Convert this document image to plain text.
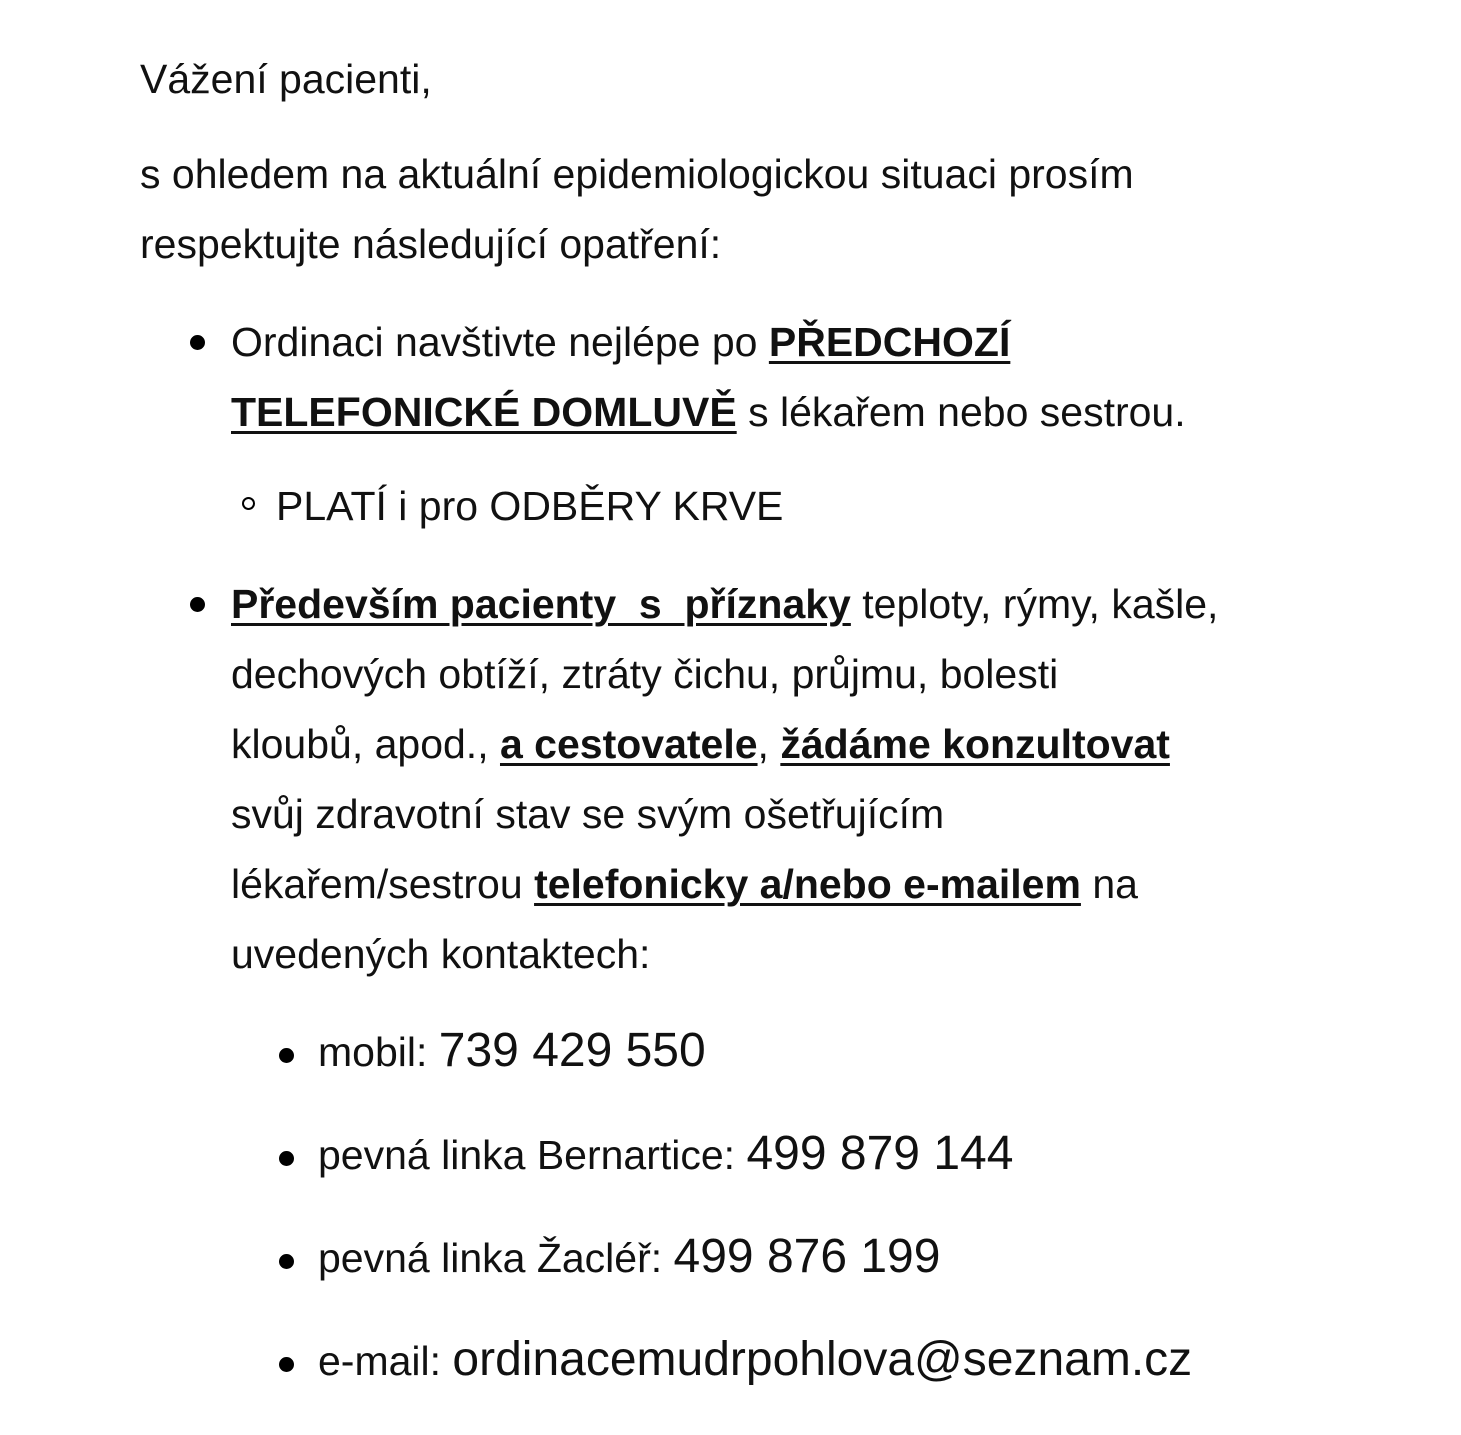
Vážení pacienti,
s ohledem na aktuální epidemiologickou situaci prosím
respektujte následující opatření:
Ordinaci navštivte nejlépe po PŘEDCHOZÍ
TELEFONICKÉ DOMLUVĚ s lékařem nebo sestrou.
PLATÍ i pro ODBĚRY KRVE
Především pacienty  s  příznaky teploty, rýmy, kašle,
dechových obtíží, ztráty čichu, průjmu, bolesti
kloubů, apod., a cestovatele, žádáme konzultovat
svůj zdravotní stav se svým ošetřujícím
lékařem/sestrou telefonicky a/nebo e-mailem na
uvedených kontaktech:
mobil: 739 429 550
pevná linka Bernartice: 499 879 144
pevná linka Žacléř: 499 876 199
e-mail: ordinacemudrpohlova@seznam.cz
